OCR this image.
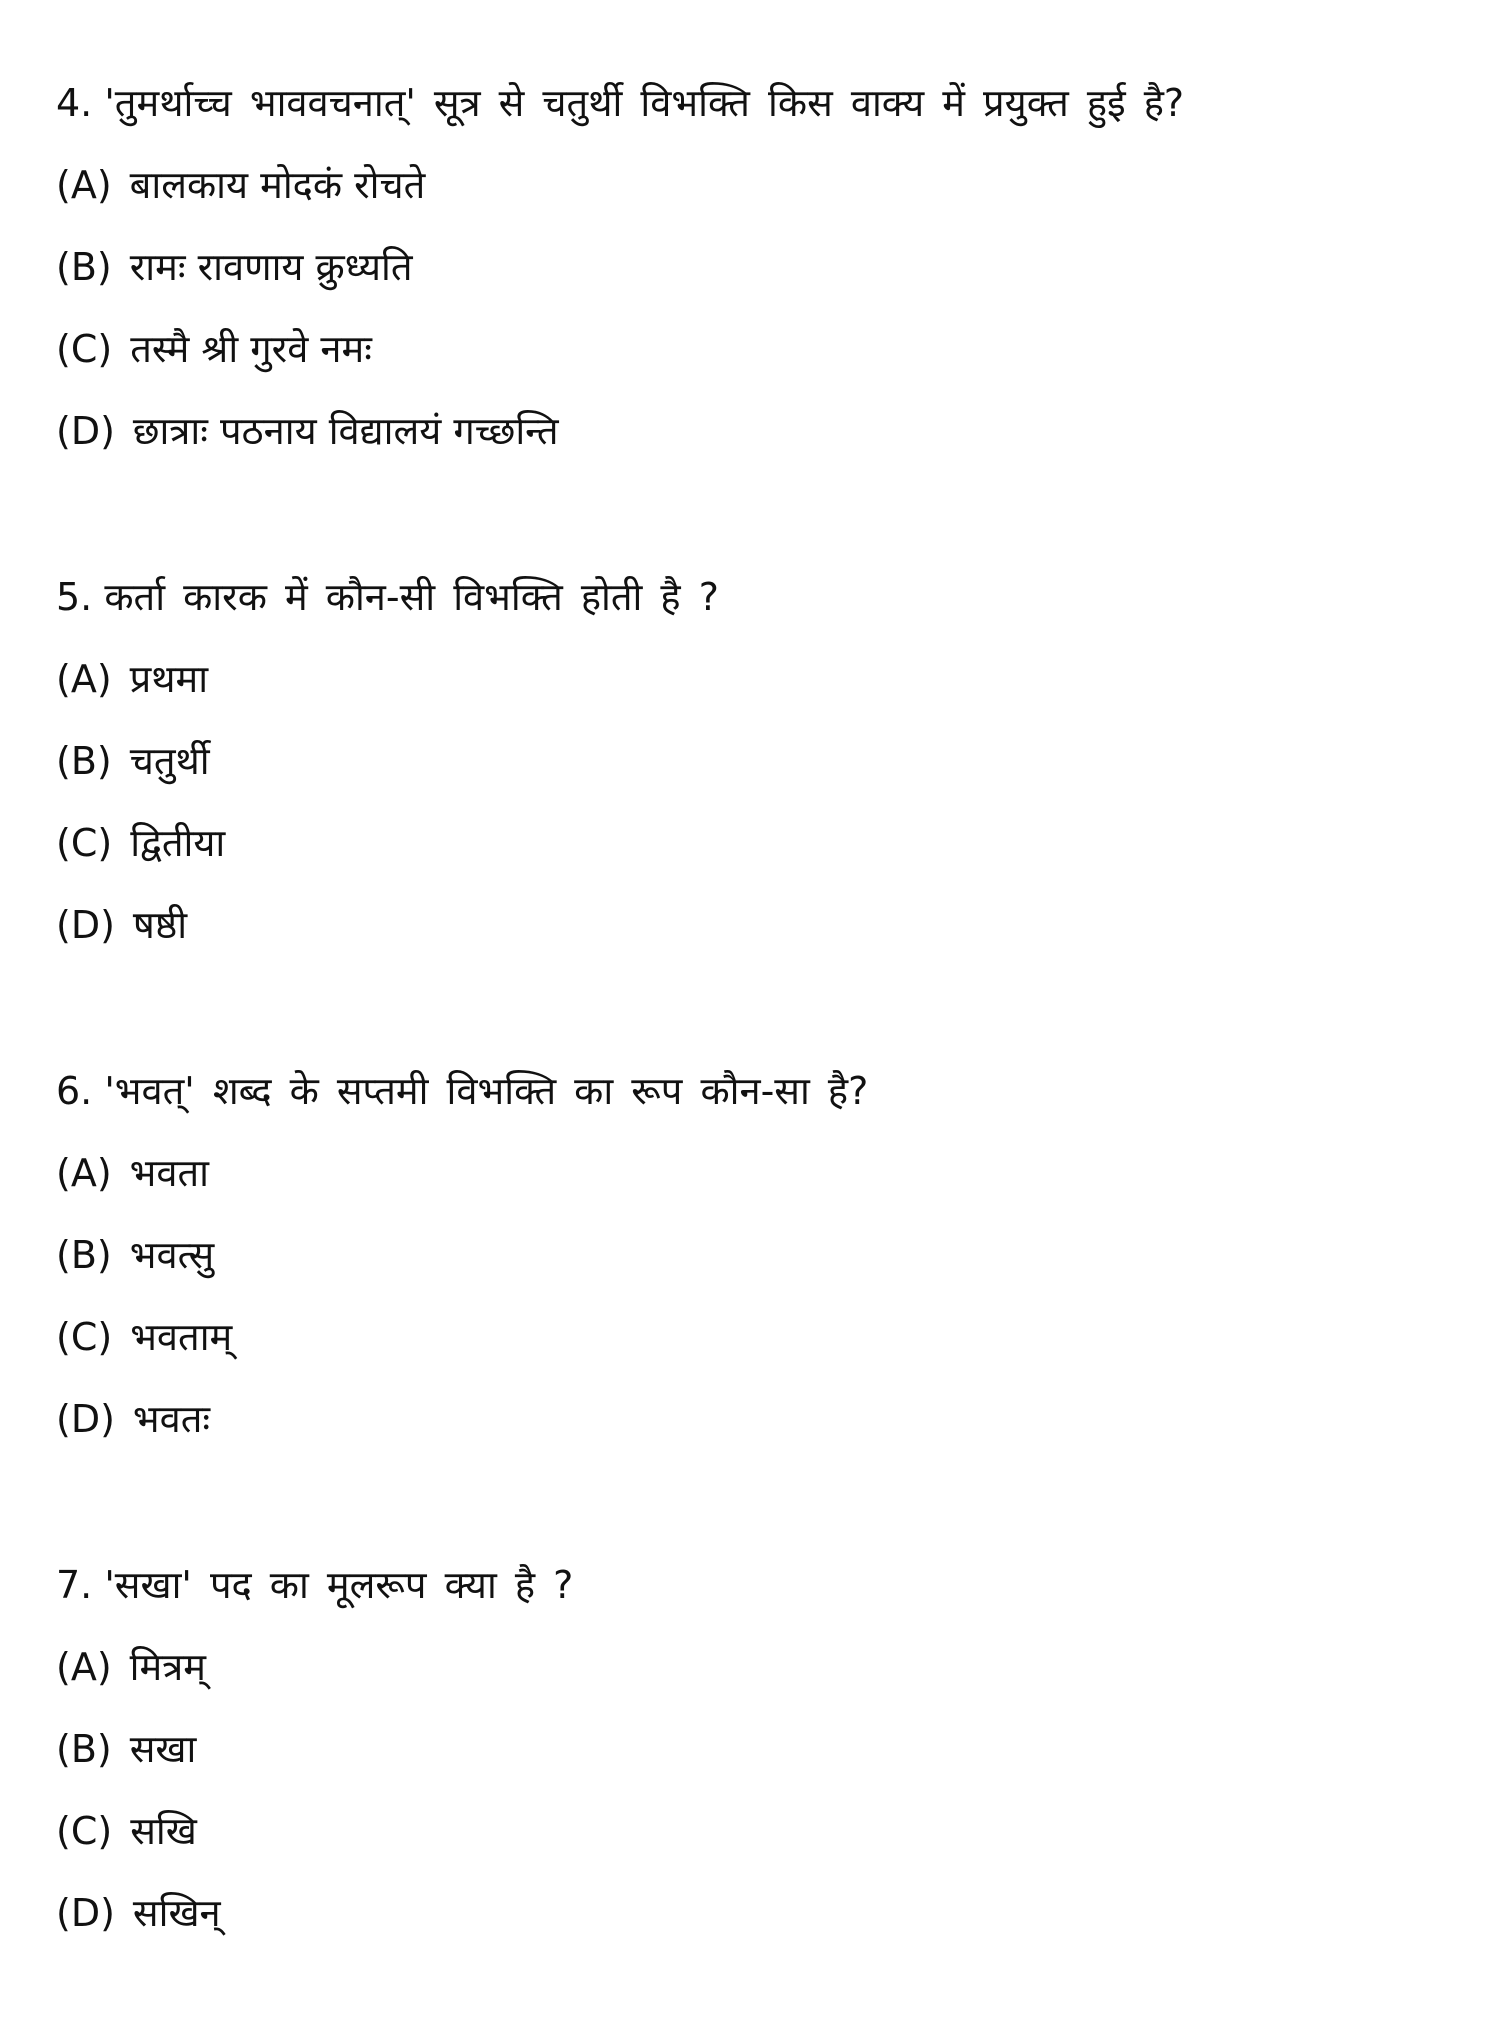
4. 'तुमर्थाच्च भाववचनात्' सूत्र से चतुर्थी विभक्ति किस वाक्य में प्रयुक्त हुई है?
(A) बालकाय मोदकं रोचते
(B) रामः रावणाय क्रुध्यति
(C) तस्मै श्री गुरवे नमः
(D) छात्राः पठनाय विद्यालयं गच्छन्ति
5. कर्ता कारक में कौन-सी विभक्ति होती है ?
(A) प्रथमा
(B) चतुर्थी
(C) द्वितीया
(D) षष्ठी
6. 'भवत्' शब्द के सप्तमी विभक्ति का रूप कौन-सा है?
(A) भवता
(B) भवत्सु
(C) भवताम्
(D) भवतः
7. 'सखा' पद का मूलरूप क्या है ?
(A) मित्रम्
(B) सखा
(C) सखि
(D) सखिन्
